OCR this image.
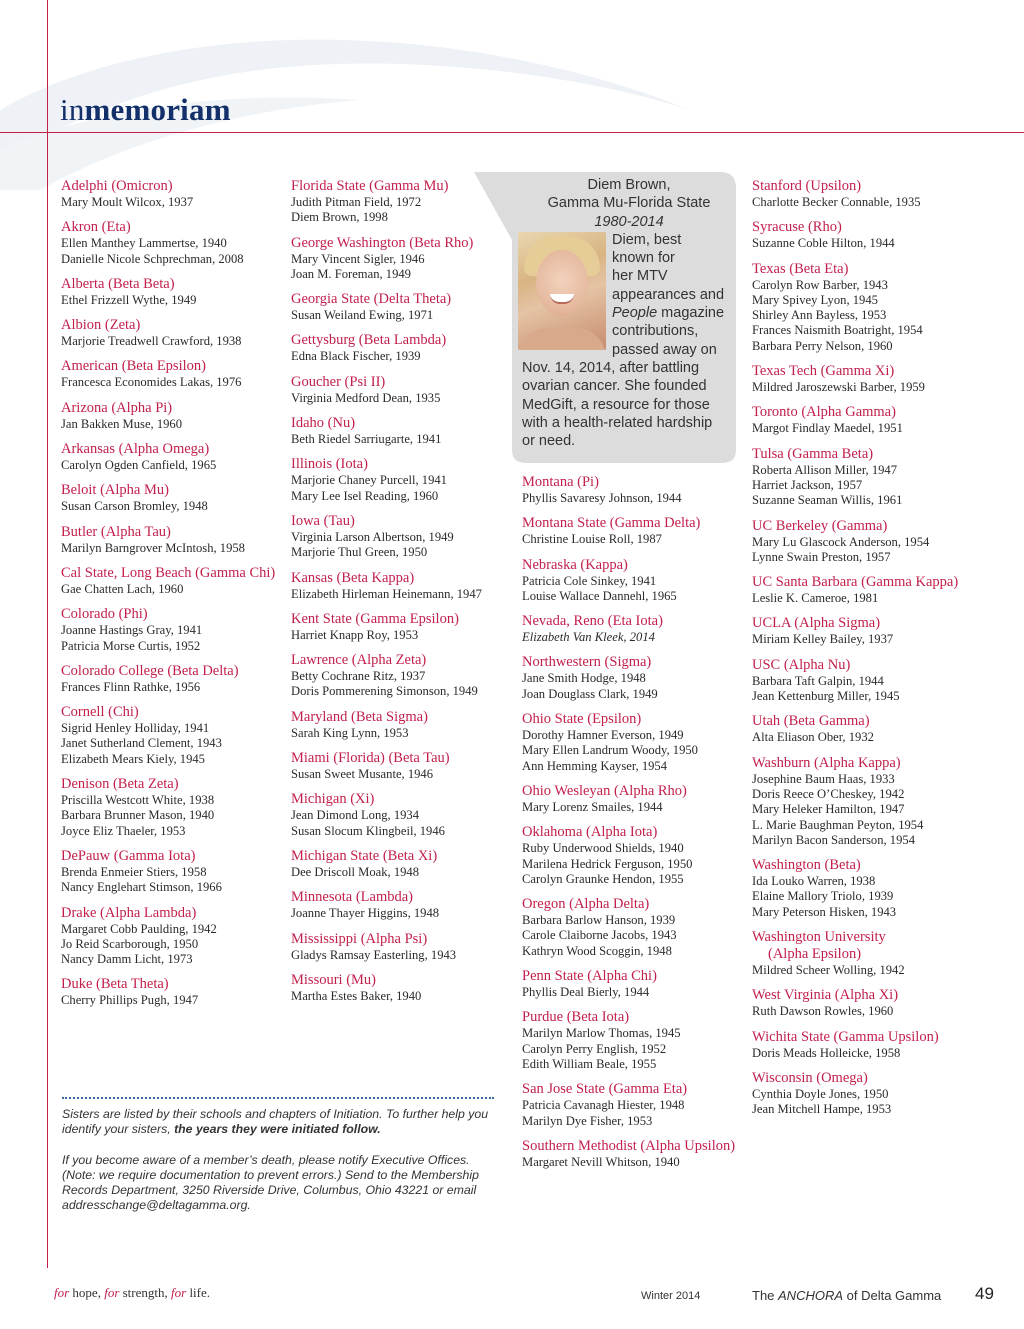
inmemoriam
Adelphi (Omicron)
Mary Moult Wilcox, 1937
Akron (Eta)
Ellen Manthey Lammertse, 1940
Danielle Nicole Schprechman, 2008
Alberta (Beta Beta)
Ethel Frizzell Wythe, 1949
Albion (Zeta)
Marjorie Treadwell Crawford, 1938
American (Beta Epsilon)
Francesca Economides Lakas, 1976
Arizona (Alpha Pi)
Jan Bakken Muse, 1960
Arkansas (Alpha Omega)
Carolyn Ogden Canfield, 1965
Beloit (Alpha Mu)
Susan Carson Bromley, 1948
Butler (Alpha Tau)
Marilyn Barngrover McIntosh, 1958
Cal State, Long Beach (Gamma Chi)
Gae Chatten Lach, 1960
Colorado (Phi)
Joanne Hastings Gray, 1941
Patricia Morse Curtis, 1952
Colorado College (Beta Delta)
Frances Flinn Rathke, 1956
Cornell (Chi)
Sigrid Henley Holliday, 1941
Janet Sutherland Clement, 1943
Elizabeth Mears Kiely, 1945
Denison (Beta Zeta)
Priscilla Westcott White, 1938
Barbara Brunner Mason, 1940
Joyce Eliz Thaeler, 1953
DePauw (Gamma Iota)
Brenda Enmeier Stiers, 1958
Nancy Englehart Stimson, 1966
Drake (Alpha Lambda)
Margaret Cobb Paulding, 1942
Jo Reid Scarborough, 1950
Nancy Damm Licht, 1973
Duke (Beta Theta)
Cherry Phillips Pugh, 1947
Florida State (Gamma Mu)
Judith Pitman Field, 1972
Diem Brown, 1998
George Washington (Beta Rho)
Mary Vincent Sigler, 1946
Joan M. Foreman, 1949
Georgia State (Delta Theta)
Susan Weiland Ewing, 1971
Gettysburg (Beta Lambda)
Edna Black Fischer, 1939
Goucher (Psi II)
Virginia Medford Dean, 1935
Idaho (Nu)
Beth Riedel Sarriugarte, 1941
Illinois (Iota)
Marjorie Chaney Purcell, 1941
Mary Lee Isel Reading, 1960
Iowa (Tau)
Virginia Larson Albertson, 1949
Marjorie Thul Green, 1950
Kansas (Beta Kappa)
Elizabeth Hirleman Heinemann, 1947
Kent State (Gamma Epsilon)
Harriet Knapp Roy, 1953
Lawrence (Alpha Zeta)
Betty Cochrane Ritz, 1937
Doris Pommerening Simonson, 1949
Maryland (Beta Sigma)
Sarah King Lynn, 1953
Miami (Florida) (Beta Tau)
Susan Sweet Musante, 1946
Michigan (Xi)
Jean Dimond Long, 1934
Susan Slocum Klingbeil, 1946
Michigan State (Beta Xi)
Dee Driscoll Moak, 1948
Minnesota (Lambda)
Joanne Thayer Higgins, 1948
Mississippi (Alpha Psi)
Gladys Ramsay Easterling, 1943
Missouri (Mu)
Martha Estes Baker, 1940
Montana (Pi)
Phyllis Savaresy Johnson, 1944
Montana State (Gamma Delta)
Christine Louise Roll, 1987
Nebraska (Kappa)
Patricia Cole Sinkey, 1941
Louise Wallace Dannehl, 1965
Nevada, Reno (Eta Iota)
Elizabeth Van Kleek, 2014
Northwestern (Sigma)
Jane Smith Hodge, 1948
Joan Douglass Clark, 1949
Ohio State (Epsilon)
Dorothy Hamner Everson, 1949
Mary Ellen Landrum Woody, 1950
Ann Hemming Kayser, 1954
Ohio Wesleyan (Alpha Rho)
Mary Lorenz Smailes, 1944
Oklahoma (Alpha Iota)
Ruby Underwood Shields, 1940
Marilena Hedrick Ferguson, 1950
Carolyn Graunke Hendon, 1955
Oregon (Alpha Delta)
Barbara Barlow Hanson, 1939
Carole Claiborne Jacobs, 1943
Kathryn Wood Scoggin, 1948
Penn State (Alpha Chi)
Phyllis Deal Bierly, 1944
Purdue (Beta Iota)
Marilyn Marlow Thomas, 1945
Carolyn Perry English, 1952
Edith William Beale, 1955
San Jose State (Gamma Eta)
Patricia Cavanagh Hiester, 1948
Marilyn Dye Fisher, 1953
Southern Methodist (Alpha Upsilon)
Margaret Nevill Whitson, 1940
Stanford (Upsilon)
Charlotte Becker Connable, 1935
Syracuse (Rho)
Suzanne Coble Hilton, 1944
Texas (Beta Eta)
Carolyn Row Barber, 1943
Mary Spivey Lyon, 1945
Shirley Ann Bayless, 1953
Frances Naismith Boatright, 1954
Barbara Perry Nelson, 1960
Texas Tech (Gamma Xi)
Mildred Jaroszewski Barber, 1959
Toronto (Alpha Gamma)
Margot Findlay Maedel, 1951
Tulsa (Gamma Beta)
Roberta Allison Miller, 1947
Harriet Jackson, 1957
Suzanne Seaman Willis, 1961
UC Berkeley (Gamma)
Mary Lu Glascock Anderson, 1954
Lynne Swain Preston, 1957
UC Santa Barbara (Gamma Kappa)
Leslie K. Cameroe, 1981
UCLA (Alpha Sigma)
Miriam Kelley Bailey, 1937
USC (Alpha Nu)
Barbara Taft Galpin, 1944
Jean Kettenburg Miller, 1945
Utah (Beta Gamma)
Alta Eliason Ober, 1932
Washburn (Alpha Kappa)
Josephine Baum Haas, 1933
Doris Reece O’Cheskey, 1942
Mary Heleker Hamilton, 1947
L. Marie Baughman Peyton, 1954
Marilyn Bacon Sanderson, 1954
Washington (Beta)
Ida Louko Warren, 1938
Elaine Mallory Triolo, 1939
Mary Peterson Hisken, 1943
Washington University
(Alpha Epsilon)
Mildred Scheer Wolling, 1942
West Virginia (Alpha Xi)
Ruth Dawson Rowles, 1960
Wichita State (Gamma Upsilon)
Doris Meads Holleicke, 1958
Wisconsin (Omega)
Cynthia Doyle Jones, 1950
Jean Mitchell Hampe, 1953
Diem Brown,
Gamma Mu-Florida State
1980-2014
Diem, best
known for
her MTV
appearances and
People magazine
contributions,
passed away on
Nov. 14, 2014, after battling
ovarian cancer. She founded
MedGift, a resource for those
with a health-related hardship
or need.

Sisters are listed by their schools and chapters of Initiation. To further help you identify your sisters, the years they were initiated follow.

If you become aware of a member’s death, please notify Executive Offices. (Note: we require documentation to prevent errors.) Send to the Membership Records Department, 3250 Riverside Drive, Columbus, Ohio 43221 or email addresschange@deltagamma.org.

for hope, for strength, for life.	Winter 2014	The ANCHORA of Delta Gamma 49
